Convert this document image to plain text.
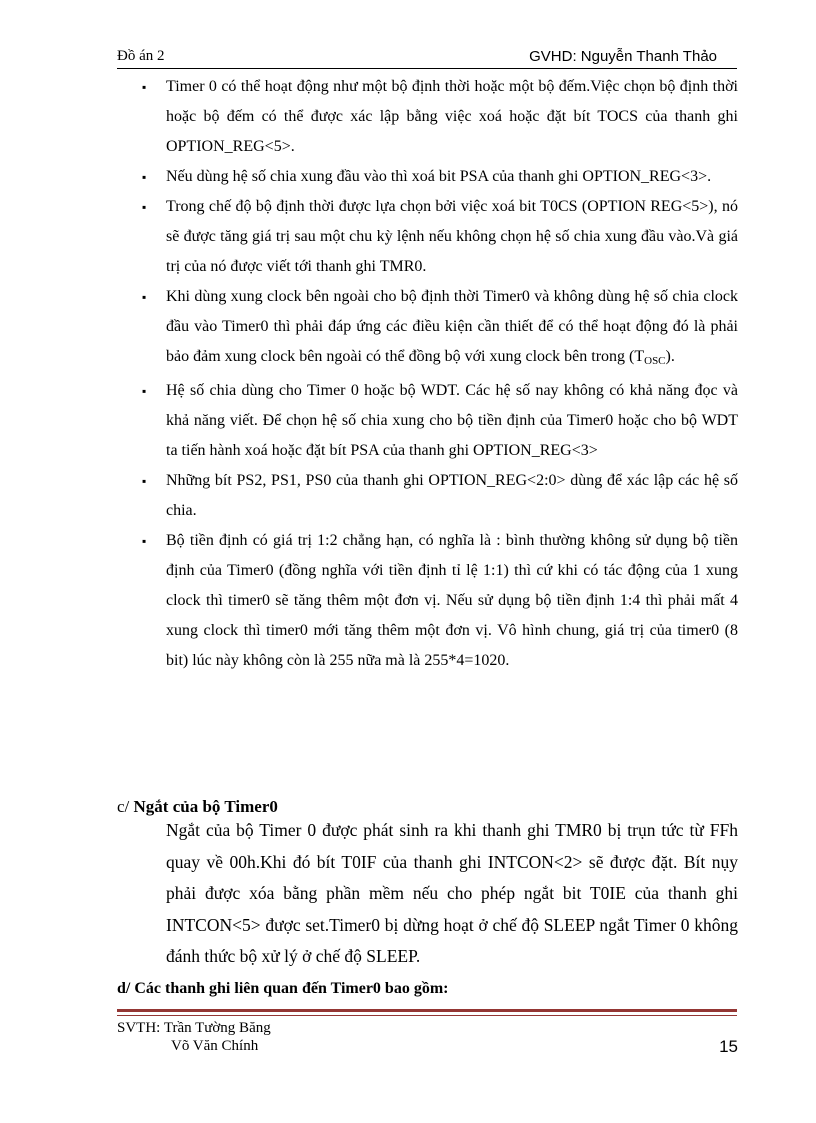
Đồ án 2	GVHD: Nguyễn Thanh Thảo
▪ Timer 0 có thể hoạt động như một bộ định thời hoặc một bộ đếm.Việc chọn bộ định thời hoặc bộ đếm có thể được xác lập bằng việc xoá hoặc đặt bít TOCS của thanh ghi OPTION_REG<5>.
▪ Nếu dùng hệ số chia xung đầu vào thì xoá bit PSA của thanh ghi OPTION_REG<3>.
▪ Trong chế độ bộ định thời được lựa chọn bởi việc xoá bit T0CS (OPTION REG<5>), nó sẽ được tăng giá trị sau một chu kỳ lệnh nếu không chọn hệ số chia xung đầu vào.Và giá trị của nó được viết tới thanh ghi TMR0.
▪ Khi dùng xung clock bên ngoài cho bộ định thời Timer0 và không dùng hệ số chia clock đầu vào Timer0 thì phải đáp ứng các điều kiện cần thiết để có thể hoạt động đó là phải bảo đảm xung clock bên ngoài có thể đồng bộ với xung clock bên trong $(T_{OSC})$.
▪ Hệ số chia dùng cho Timer 0 hoặc bộ WDT. Các hệ số nay không có khả năng đọc và khả năng viết. Để chọn hệ số chia xung cho bộ tiền định của Timer0 hoặc cho bộ WDT ta tiến hành xoá hoặc đặt bít PSA của thanh ghi OPTION_REG<3>
▪ Những bít PS2, PS1, PS0 của thanh ghi OPTION_REG<2:0> dùng để xác lập các hệ số chia.
▪ Bộ tiền định có giá trị 1:2 chẳng hạn, có nghĩa là : bình thường không sử dụng bộ tiền định của Timer0 (đồng nghĩa với tiền định tỉ lệ 1:1) thì cứ khi có tác động của 1 xung clock thì timer0 sẽ tăng thêm một đơn vị. Nếu sử dụng bộ tiền định 1:4 thì phải mất 4 xung clock thì timer0 mới tăng thêm một đơn vị. Vô hình chung, giá trị của timer0 (8 bit) lúc này không còn là 255 nữa mà là 255*4=1020.
c/ Ngắt của bộ Timer0
Ngắt của bộ Timer 0 được phát sinh ra khi thanh ghi TMR0 bị trụn tức từ FFh quay về 00h.Khi đó bít T0IF của thanh ghi INTCON<2> sẽ được đặt. Bít nụy phải được xóa bằng phần mềm nếu cho phép ngắt bit T0IE của thanh ghi INTCON<5> được set.Timer0 bị dừng hoạt ở chế độ SLEEP ngắt Timer 0 không đánh thức bộ xử lý ở chế độ SLEEP.
d/ Các thanh ghi liên quan đến Timer0 bao gồm:
SVTH: Trần Tường Băng
Võ Văn Chính	15
